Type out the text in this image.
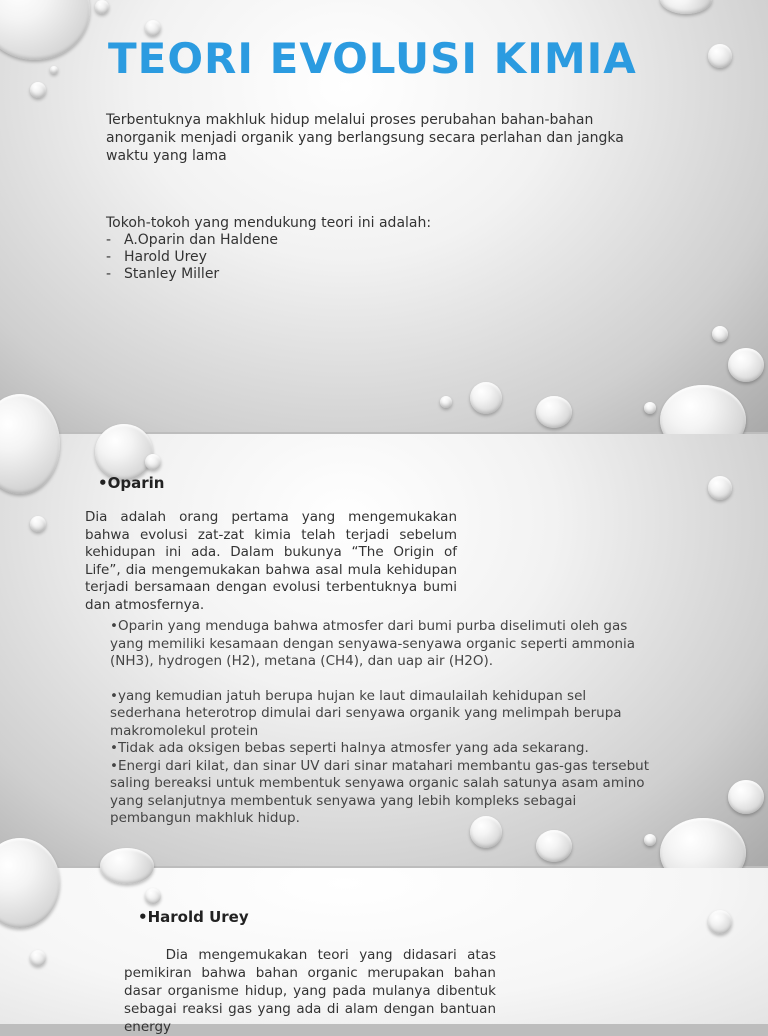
TEORI EVOLUSI KIMIA
Terbentuknya makhluk hidup melalui proses perubahan bahan-bahan anorganik menjadi organik yang berlangsung secara perlahan dan jangka waktu yang lama
Tokoh-tokoh yang mendukung teori ini adalah:
- A.Oparin dan Haldene
- Harold Urey
- Stanley Miller
•Oparin
Dia adalah orang pertama yang mengemukakan bahwa evolusi zat-zat kimia telah terjadi sebelum kehidupan ini ada. Dalam bukunya “The Origin of Life”, dia mengemukakan bahwa asal mula kehidupan terjadi bersamaan dengan evolusi terbentuknya bumi dan atmosfernya.

•Oparin yang menduga bahwa atmosfer dari bumi purba diselimuti oleh gas yang memiliki kesamaan dengan senyawa-senyawa organic seperti ammonia (NH3), hydrogen (H2), metana (CH4), dan uap air (H2O).

•yang kemudian jatuh berupa hujan ke laut dimaulailah kehidupan sel sederhana heterotrop dimulai dari senyawa organik yang melimpah berupa makromolekul protein

•Tidak ada oksigen bebas seperti halnya atmosfer yang ada sekarang.

•Energi dari kilat, dan sinar UV dari sinar matahari membantu gas-gas tersebut saling bereaksi untuk membentuk senyawa organic salah satunya asam amino yang selanjutnya membentuk senyawa yang lebih kompleks sebagai pembangun makhluk hidup.

•Harold Urey
Dia mengemukakan teori yang didasari atas pemikiran bahwa bahan organic merupakan bahan dasar organisme hidup, yang pada mulanya dibentuk sebagai reaksi gas yang ada di alam dengan bantuan energy
